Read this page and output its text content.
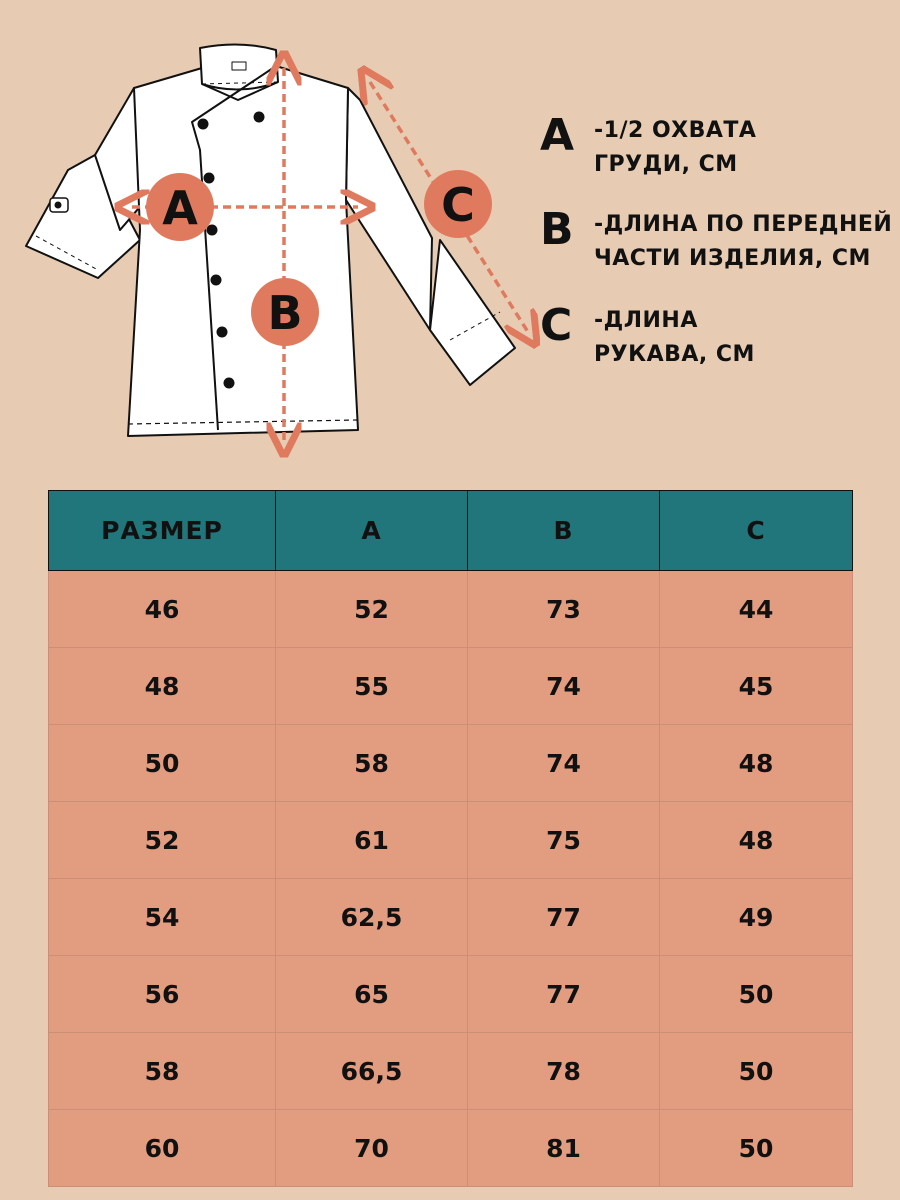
A
B
C
A -1/2 ОХВАТА
ГРУДИ, СМ
B -ДЛИНА ПО ПЕРЕДНЕЙ
ЧАСТИ ИЗДЕЛИЯ, СМ
C -ДЛИНА
РУКАВА, СМ
РАЗМЕР	A	B	C
46	52	73	44
48	55	74	45
50	58	74	48
52	61	75	48
54	62,5	77	49
56	65	77	50
58	66,5	78	50
60	70	81	50
